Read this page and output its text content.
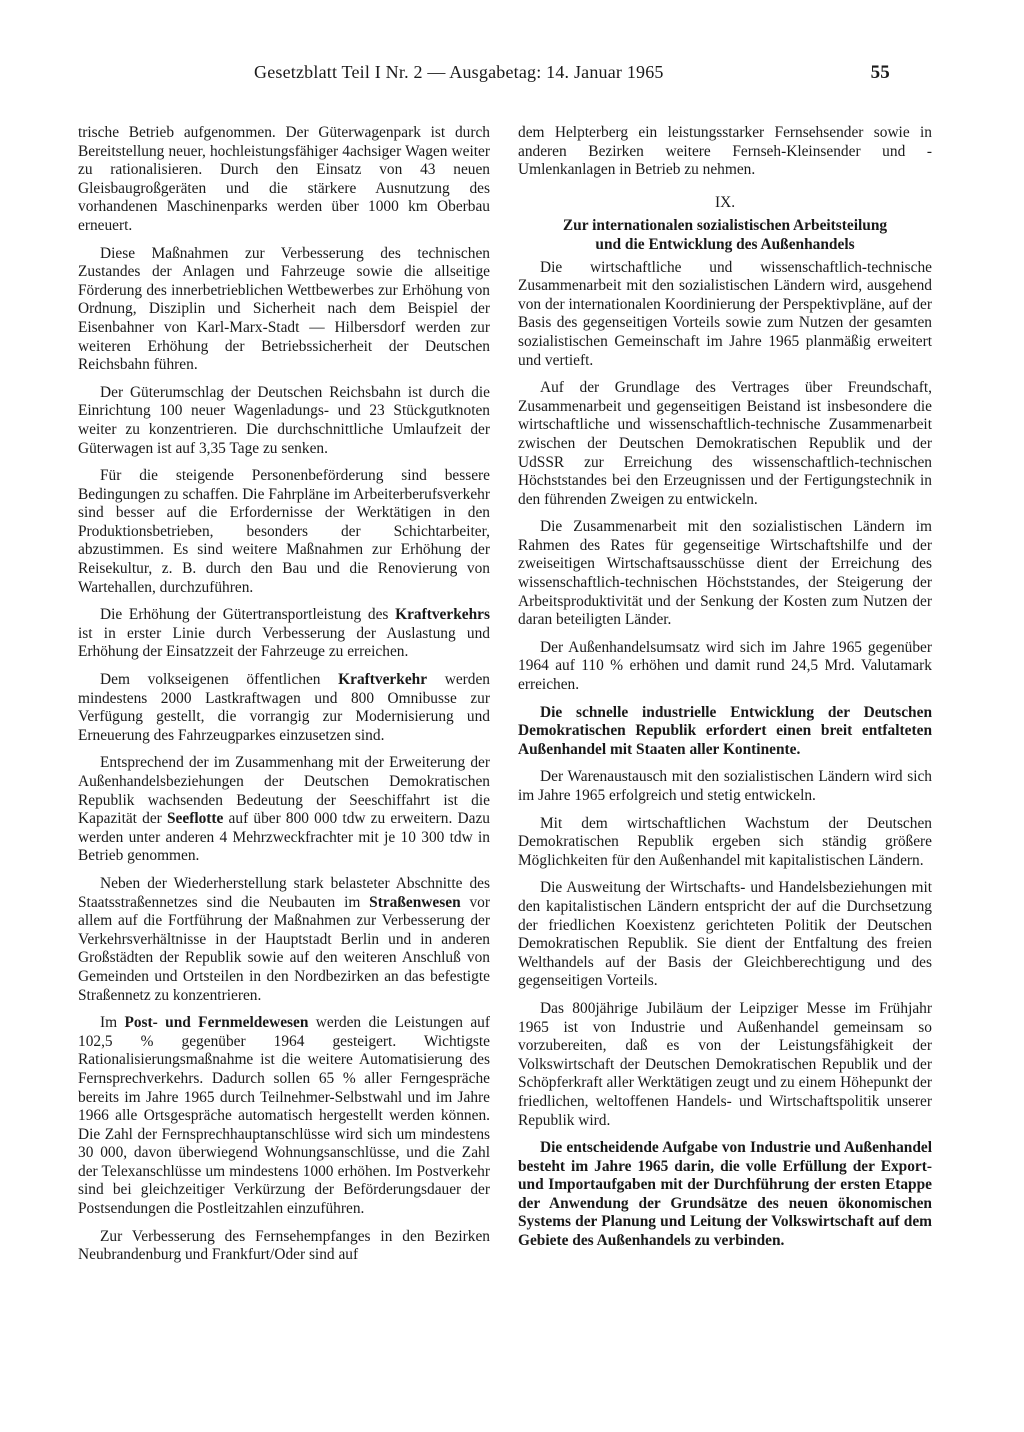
Gesetzblatt Teil I Nr. 2 — Ausgabetag: 14. Januar 1965	55

trische Betrieb aufgenommen. Der Güterwagenpark ist durch Bereitstellung neuer, hochleistungsfähiger 4achsiger Wagen weiter zu rationalisieren. Durch den Einsatz von 43 neuen Gleisbaugroßgeräten und die stärkere Ausnutzung des vorhandenen Maschinenparks werden über 1000 km Oberbau erneuert.

Diese Maßnahmen zur Verbesserung des technischen Zustandes der Anlagen und Fahrzeuge sowie die allseitige Förderung des innerbetrieblichen Wettbewerbes zur Erhöhung von Ordnung, Disziplin und Sicherheit nach dem Beispiel der Eisenbahner von Karl-Marx-Stadt — Hilbersdorf werden zur weiteren Erhöhung der Betriebssicherheit der Deutschen Reichsbahn führen.

Der Güterumschlag der Deutschen Reichsbahn ist durch die Einrichtung 100 neuer Wagenladungs- und 23 Stückgutknoten weiter zu konzentrieren. Die durchschnittliche Umlaufzeit der Güterwagen ist auf 3,35 Tage zu senken.

Für die steigende Personenbeförderung sind bessere Bedingungen zu schaffen. Die Fahrpläne im Arbeiterberufsverkehr sind besser auf die Erfordernisse der Werktätigen in den Produktionsbetrieben, besonders der Schichtarbeiter, abzustimmen. Es sind weitere Maßnahmen zur Erhöhung der Reisekultur, z. B. durch den Bau und die Renovierung von Wartehallen, durchzuführen.

Die Erhöhung der Gütertransportleistung des Kraftverkehrs ist in erster Linie durch Verbesserung der Auslastung und Erhöhung der Einsatzzeit der Fahrzeuge zu erreichen.

Dem volkseigenen öffentlichen Kraftverkehr werden mindestens 2000 Lastkraftwagen und 800 Omnibusse zur Verfügung gestellt, die vorrangig zur Modernisierung und Erneuerung des Fahrzeugparkes einzusetzen sind.

Entsprechend der im Zusammenhang mit der Erweiterung der Außenhandelsbeziehungen der Deutschen Demokratischen Republik wachsenden Bedeutung der Seeschiffahrt ist die Kapazität der Seeflotte auf über 800 000 tdw zu erweitern. Dazu werden unter anderen 4 Mehrzweckfrachter mit je 10 300 tdw in Betrieb genommen.

Neben der Wiederherstellung stark belasteter Abschnitte des Staatsstraßennetzes sind die Neubauten im Straßenwesen vor allem auf die Fortführung der Maßnahmen zur Verbesserung der Verkehrsverhältnisse in der Hauptstadt Berlin und in anderen Großstädten der Republik sowie auf den weiteren Anschluß von Gemeinden und Ortsteilen in den Nordbezirken an das befestigte Straßennetz zu konzentrieren.

Im Post- und Fernmeldewesen werden die Leistungen auf 102,5 % gegenüber 1964 gesteigert. Wichtigste Rationalisierungsmaßnahme ist die weitere Automatisierung des Fernsprechverkehrs. Dadurch sollen 65 % aller Ferngespräche bereits im Jahre 1965 durch Teilnehmer-Selbstwahl und im Jahre 1966 alle Ortsgespräche automatisch hergestellt werden können. Die Zahl der Fernsprechhauptanschlüsse wird sich um mindestens 30 000, davon überwiegend Wohnungsanschlüsse, und die Zahl der Telexanschlüsse um mindestens 1000 erhöhen. Im Postverkehr sind bei gleichzeitiger Verkürzung der Beförderungsdauer der Postsendungen die Postleitzahlen einzuführen.

Zur Verbesserung des Fernsehempfanges in den Bezirken Neubrandenburg und Frankfurt/Oder sind auf

dem Helpterberg ein leistungsstarker Fernsehsender sowie in anderen Bezirken weitere Fernseh-Kleinsender und -Umlenkanlagen in Betrieb zu nehmen.

IX.
Zur internationalen sozialistischen Arbeitsteilung
und die Entwicklung des Außenhandels

Die wirtschaftliche und wissenschaftlich-technische Zusammenarbeit mit den sozialistischen Ländern wird, ausgehend von der internationalen Koordinierung der Perspektivpläne, auf der Basis des gegenseitigen Vorteils sowie zum Nutzen der gesamten sozialistischen Gemeinschaft im Jahre 1965 planmäßig erweitert und vertieft.

Auf der Grundlage des Vertrages über Freundschaft, Zusammenarbeit und gegenseitigen Beistand ist insbesondere die wirtschaftliche und wissenschaftlich-technische Zusammenarbeit zwischen der Deutschen Demokratischen Republik und der UdSSR zur Erreichung des wissenschaftlich-technischen Höchststandes bei den Erzeugnissen und der Fertigungstechnik in den führenden Zweigen zu entwickeln.

Die Zusammenarbeit mit den sozialistischen Ländern im Rahmen des Rates für gegenseitige Wirtschaftshilfe und der zweiseitigen Wirtschaftsausschüsse dient der Erreichung des wissenschaftlich-technischen Höchststandes, der Steigerung der Arbeitsproduktivität und der Senkung der Kosten zum Nutzen der daran beteiligten Länder.

Der Außenhandelsumsatz wird sich im Jahre 1965 gegenüber 1964 auf 110 % erhöhen und damit rund 24,5 Mrd. Valutamark erreichen.

Die schnelle industrielle Entwicklung der Deutschen Demokratischen Republik erfordert einen breit entfalteten Außenhandel mit Staaten aller Kontinente.

Der Warenaustausch mit den sozialistischen Ländern wird sich im Jahre 1965 erfolgreich und stetig entwickeln.

Mit dem wirtschaftlichen Wachstum der Deutschen Demokratischen Republik ergeben sich ständig größere Möglichkeiten für den Außenhandel mit kapitalistischen Ländern.

Die Ausweitung der Wirtschafts- und Handelsbeziehungen mit den kapitalistischen Ländern entspricht der auf die Durchsetzung der friedlichen Koexistenz gerichteten Politik der Deutschen Demokratischen Republik. Sie dient der Entfaltung des freien Welthandels auf der Basis der Gleichberechtigung und des gegenseitigen Vorteils.

Das 800jährige Jubiläum der Leipziger Messe im Frühjahr 1965 ist von Industrie und Außenhandel gemeinsam so vorzubereiten, daß es von der Leistungsfähigkeit der Volkswirtschaft der Deutschen Demokratischen Republik und der Schöpferkraft aller Werktätigen zeugt und zu einem Höhepunkt der friedlichen, weltoffenen Handels- und Wirtschaftspolitik unserer Republik wird.

Die entscheidende Aufgabe von Industrie und Außenhandel besteht im Jahre 1965 darin, die volle Erfüllung der Export- und Importaufgaben mit der Durchführung der ersten Etappe der Anwendung der Grundsätze des neuen ökonomischen Systems der Planung und Leitung der Volkswirtschaft auf dem Gebiete des Außenhandels zu verbinden.
